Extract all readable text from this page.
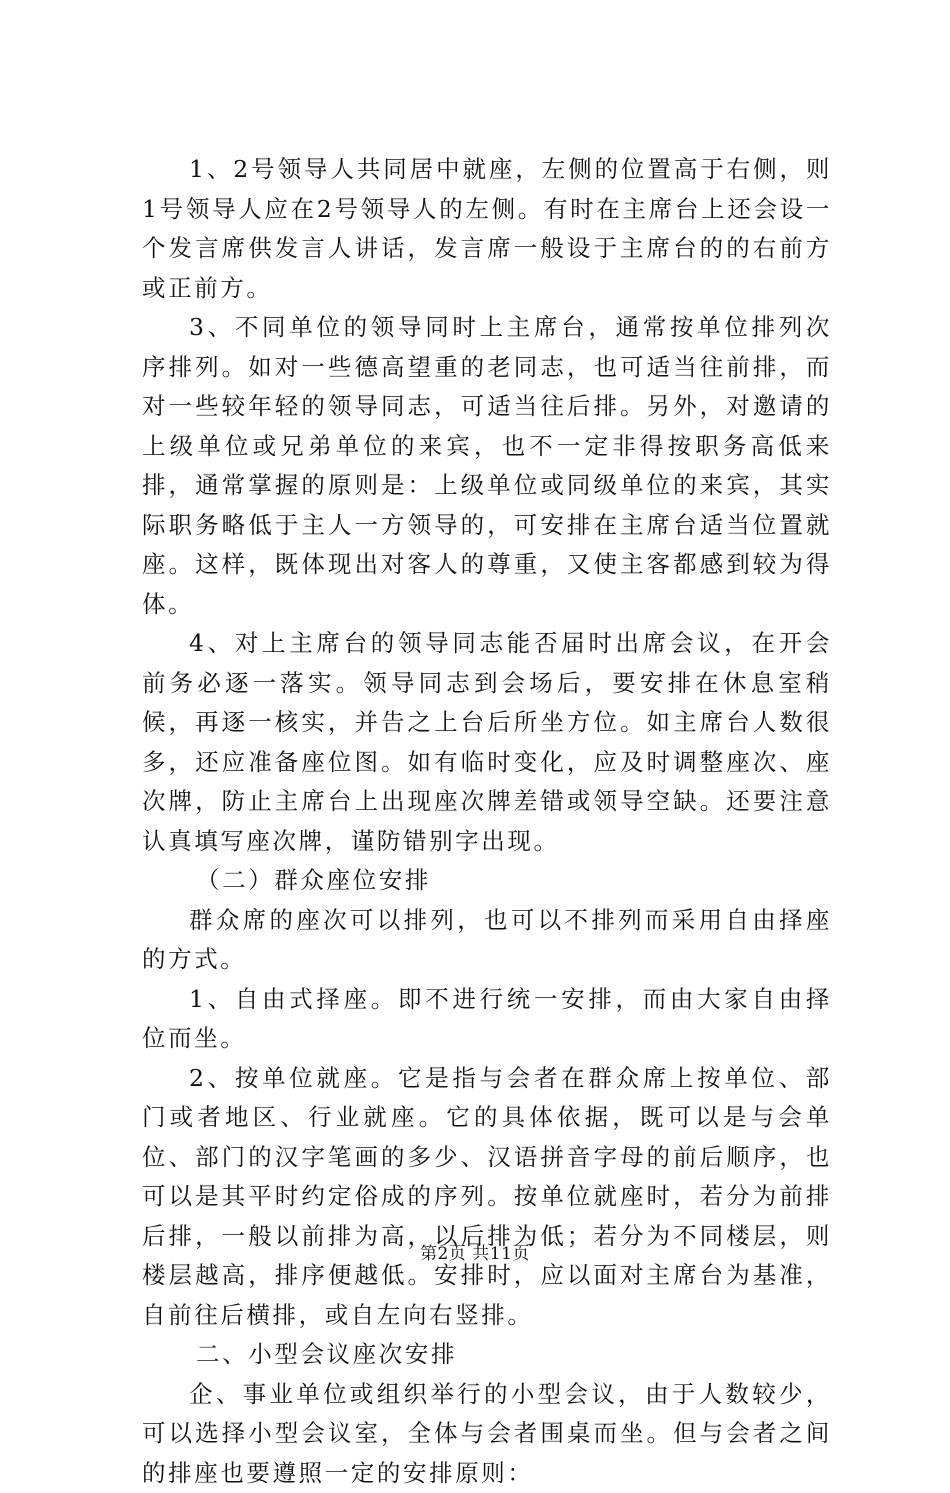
1、2号领导人共同居中就座，左侧的位置高于右侧，则1号领导人应在2号领导人的左侧。有时在主席台上还会设一个发言席供发言人讲话，发言席一般设于主席台的的右前方或正前方。

3、不同单位的领导同时上主席台，通常按单位排列次序排列。如对一些德高望重的老同志，也可适当往前排，而对一些较年轻的领导同志，可适当往后排。另外，对邀请的上级单位或兄弟单位的来宾，也不一定非得按职务高低来排，通常掌握的原则是：上级单位或同级单位的来宾，其实际职务略低于主人一方领导的，可安排在主席台适当位置就座。这样，既体现出对客人的尊重，又使主客都感到较为得体。

4、对上主席台的领导同志能否届时出席会议，在开会前务必逐一落实。领导同志到会场后，要安排在休息室稍候，再逐一核实，并告之上台后所坐方位。如主席台人数很多，还应准备座位图。如有临时变化，应及时调整座次、座次牌，防止主席台上出现座次牌差错或领导空缺。还要注意认真填写座次牌，谨防错别字出现。

（二）群众座位安排

群众席的座次可以排列，也可以不排列而采用自由择座的方式。

1、自由式择座。即不进行统一安排，而由大家自由择位而坐。

2、按单位就座。它是指与会者在群众席上按单位、部门或者地区、行业就座。它的具体依据，既可以是与会单位、部门的汉字笔画的多少、汉语拼音字母的前后顺序，也可以是其平时约定俗成的序列。按单位就座时，若分为前排后排，一般以前排为高，以后排为低；若分为不同楼层，则楼层越高，排序便越低。安排时，应以面对主席台为基准，自前往后横排，或自左向右竖排。

二、小型会议座次安排

企、事业单位或组织举行的小型会议，由于人数较少，可以选择小型会议室，全体与会者围桌而坐。但与会者之间的排座也要遵照一定的安排原则：

第2页 共11页
